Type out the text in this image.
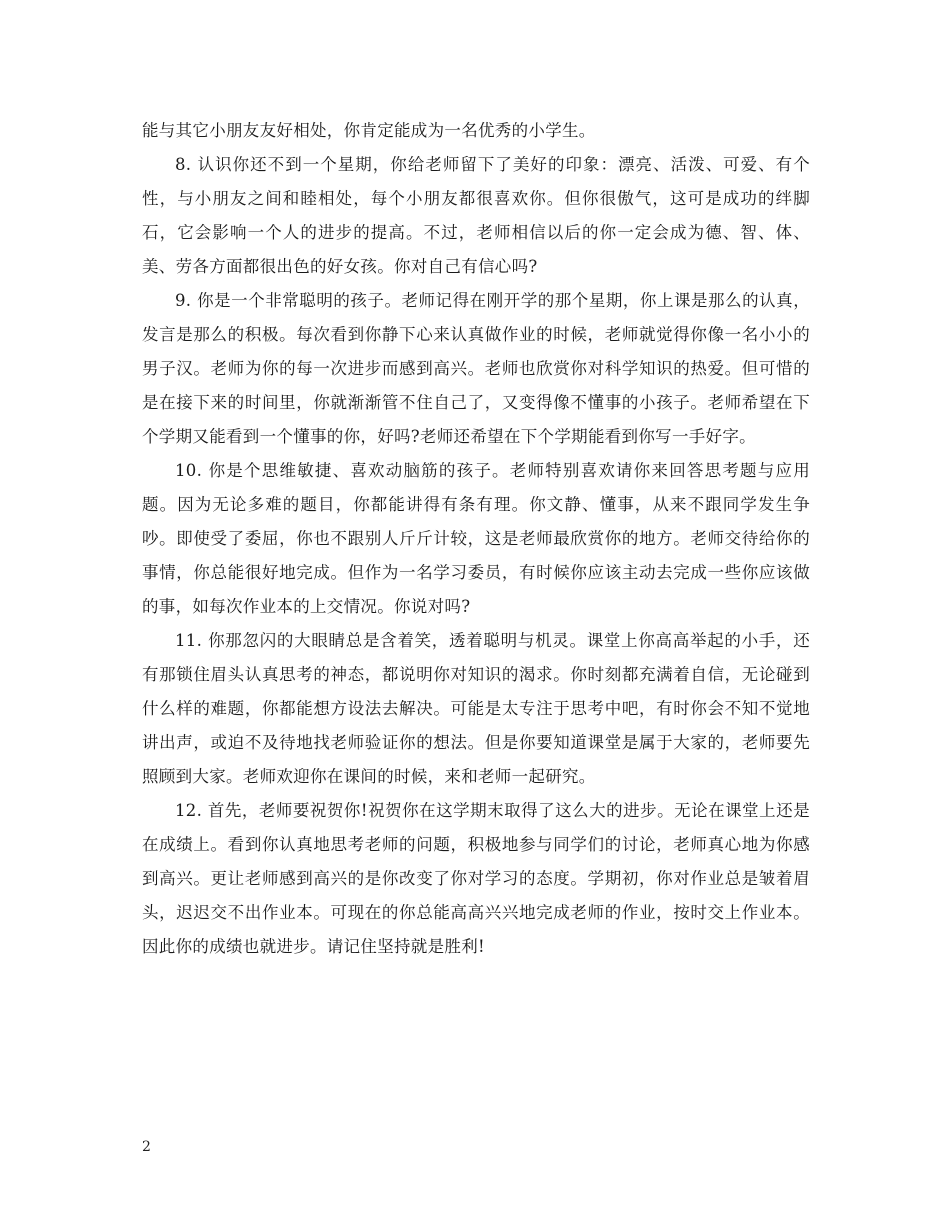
能与其它小朋友友好相处，你肯定能成为一名优秀的小学生。

8. 认识你还不到一个星期，你给老师留下了美好的印象：漂亮、活泼、可爱、有个性，与小朋友之间和睦相处，每个小朋友都很喜欢你。但你很傲气，这可是成功的绊脚石，它会影响一个人的进步的提高。不过，老师相信以后的你一定会成为德、智、体、美、劳各方面都很出色的好女孩。你对自己有信心吗?

9. 你是一个非常聪明的孩子。老师记得在刚开学的那个星期，你上课是那么的认真，发言是那么的积极。每次看到你静下心来认真做作业的时候，老师就觉得你像一名小小的男子汉。老师为你的每一次进步而感到高兴。老师也欣赏你对科学知识的热爱。但可惜的是在接下来的时间里，你就渐渐管不住自己了，又变得像不懂事的小孩子。老师希望在下个学期又能看到一个懂事的你，好吗?老师还希望在下个学期能看到你写一手好字。

10. 你是个思维敏捷、喜欢动脑筋的孩子。老师特别喜欢请你来回答思考题与应用题。因为无论多难的题目，你都能讲得有条有理。你文静、懂事，从来不跟同学发生争吵。即使受了委屈，你也不跟别人斤斤计较，这是老师最欣赏你的地方。老师交待给你的事情，你总能很好地完成。但作为一名学习委员，有时候你应该主动去完成一些你应该做的事，如每次作业本的上交情况。你说对吗?

11. 你那忽闪的大眼睛总是含着笑，透着聪明与机灵。课堂上你高高举起的小手，还有那锁住眉头认真思考的神态，都说明你对知识的渴求。你时刻都充满着自信，无论碰到什么样的难题，你都能想方设法去解决。可能是太专注于思考中吧，有时你会不知不觉地讲出声，或迫不及待地找老师验证你的想法。但是你要知道课堂是属于大家的，老师要先照顾到大家。老师欢迎你在课间的时候，来和老师一起研究。

12. 首先，老师要祝贺你!祝贺你在这学期末取得了这么大的进步。无论在课堂上还是在成绩上。看到你认真地思考老师的问题，积极地参与同学们的讨论，老师真心地为你感到高兴。更让老师感到高兴的是你改变了你对学习的态度。学期初，你对作业总是皱着眉头，迟迟交不出作业本。可现在的你总能高高兴兴地完成老师的作业，按时交上作业本。因此你的成绩也就进步。请记住坚持就是胜利!

2
